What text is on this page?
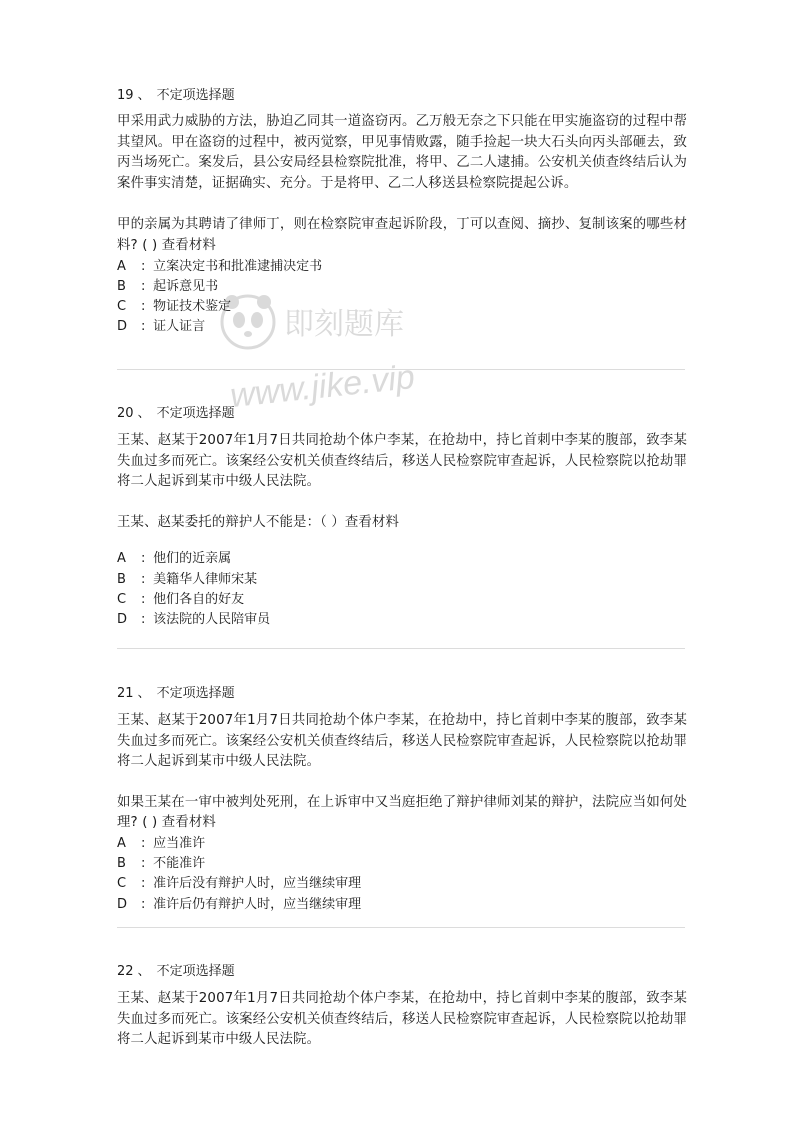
19 、 不定项选择题
甲采用武力威胁的方法，胁迫乙同其一道盗窃丙。乙万般无奈之下只能在甲实施盗窃的过程中帮其望风。甲在盗窃的过程中，被丙觉察，甲见事情败露，随手捡起一块大石头向丙头部砸去，致丙当场死亡。案发后，县公安局经县检察院批准，将甲、乙二人逮捕。公安机关侦查终结后认为案件事实清楚，证据确实、充分。于是将甲、乙二人移送县检察院提起公诉。
甲的亲属为其聘请了律师丁，则在检察院审查起诉阶段，丁可以查阅、摘抄、复制该案的哪些材料? ( ) 查看材料
A : 立案决定书和批准逮捕决定书
B : 起诉意见书
C : 物证技术鉴定
D : 证人证言
20 、 不定项选择题
王某、赵某于2007年1月7日共同抢劫个体户李某，在抢劫中，持匕首刺中李某的腹部，致李某失血过多而死亡。该案经公安机关侦查终结后，移送人民检察院审查起诉，人民检察院以抢劫罪将二人起诉到某市中级人民法院。
王某、赵某委托的辩护人不能是：（ ）查看材料
A : 他们的近亲属
B : 美籍华人律师宋某
C : 他们各自的好友
D : 该法院的人民陪审员
21 、 不定项选择题
王某、赵某于2007年1月7日共同抢劫个体户李某，在抢劫中，持匕首刺中李某的腹部，致李某失血过多而死亡。该案经公安机关侦查终结后，移送人民检察院审查起诉，人民检察院以抢劫罪将二人起诉到某市中级人民法院。
如果王某在一审中被判处死刑，在上诉审中又当庭拒绝了辩护律师刘某的辩护，法院应当如何处理? ( ) 查看材料
A : 应当准许
B : 不能准许
C : 准许后没有辩护人时，应当继续审理
D : 准许后仍有辩护人时，应当继续审理
22 、 不定项选择题
王某、赵某于2007年1月7日共同抢劫个体户李某，在抢劫中，持匕首刺中李某的腹部，致李某失血过多而死亡。该案经公安机关侦查终结后，移送人民检察院审查起诉，人民检察院以抢劫罪将二人起诉到某市中级人民法院。
即刻题库
www.jike.vip
